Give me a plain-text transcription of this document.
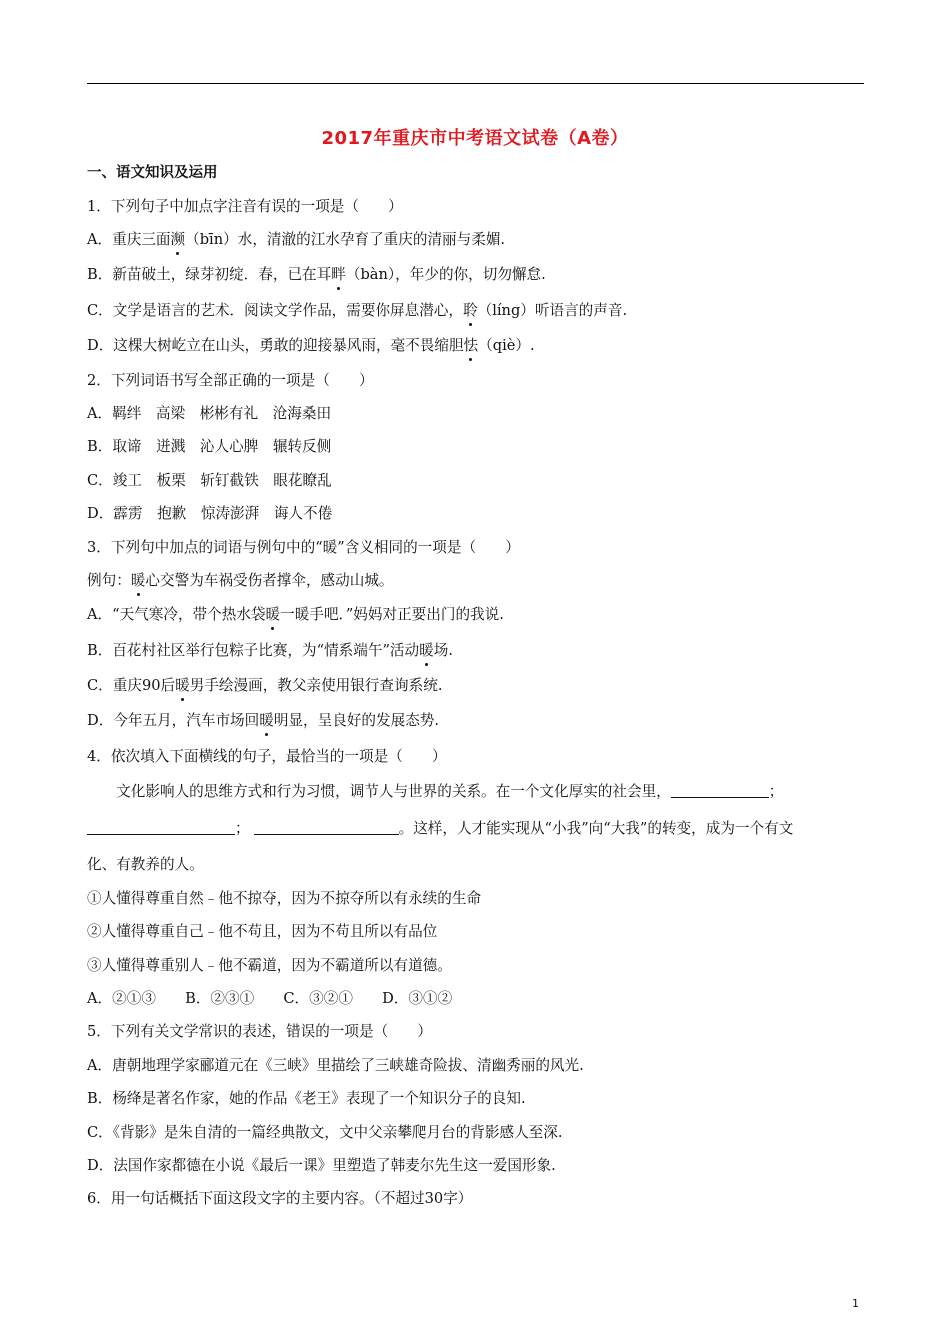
2017年重庆市中考语文试卷（A卷）
一、语文知识及运用
1．下列句子中加点字注音有误的一项是（　　）
A．重庆三面濒（bīn）水，清澈的江水孕育了重庆的清丽与柔媚.
B．新苗破土，绿芽初绽．春，已在耳畔（bàn），年少的你，切勿懈怠.
C．文学是语言的艺术．阅读文学作品，需要你屏息潜心，聆（líng）听语言的声音.
D．这棵大树屹立在山头，勇敢的迎接暴风雨，毫不畏缩胆怯（qiè）.
2．下列词语书写全部正确的一项是（　　）
A．羁绊　高梁　彬彬有礼　沧海桑田
B．取谛　迸溅　沁人心脾　辗转反侧
C．竣工　板栗　斩钉截铁　眼花瞭乱
D．霹雳　抱歉　惊涛澎湃　诲人不倦
3．下列句中加点的词语与例句中的“暖”含义相同的一项是（　　）
例句：暖心交警为车祸受伤者撑伞，感动山城。
A．“天气寒冷，带个热水袋暖一暖手吧．”妈妈对正要出门的我说.
B．百花村社区举行包粽子比赛，为“情系端午”活动暖场.
C．重庆90后暖男手绘漫画，教父亲使用银行查询系统.
D．今年五月，汽车市场回暖明显，呈良好的发展态势.
4．依次填入下面横线的句子，最恰当的一项是（　　）
　　文化影响人的思维方式和行为习惯，调节人与世界的关系。在一个文化厚实的社会里，	；
；	。这样，人才能实现从“小我”向“大我”的转变，成为一个有文
化、有教养的人。
①人懂得尊重自然﹣他不掠夺，因为不掠夺所以有永续的生命
②人懂得尊重自己﹣他不苟且，因为不苟且所以有品位
③人懂得尊重别人﹣他不霸道，因为不霸道所以有道德。
A．②①③　　B．②③①　　C．③②①　　D．③①②
5．下列有关文学常识的表述，错误的一项是（　　）
A．唐朝地理学家郦道元在《三峡》里描绘了三峡雄奇险拔、清幽秀丽的风光.
B．杨绛是著名作家，她的作品《老王》表现了一个知识分子的良知.
C．《背影》是朱自清的一篇经典散文，文中父亲攀爬月台的背影感人至深.
D．法国作家都德在小说《最后一课》里塑造了韩麦尔先生这一爱国形象.
6．用一句话概括下面这段文字的主要内容。（不超过30字）
1
